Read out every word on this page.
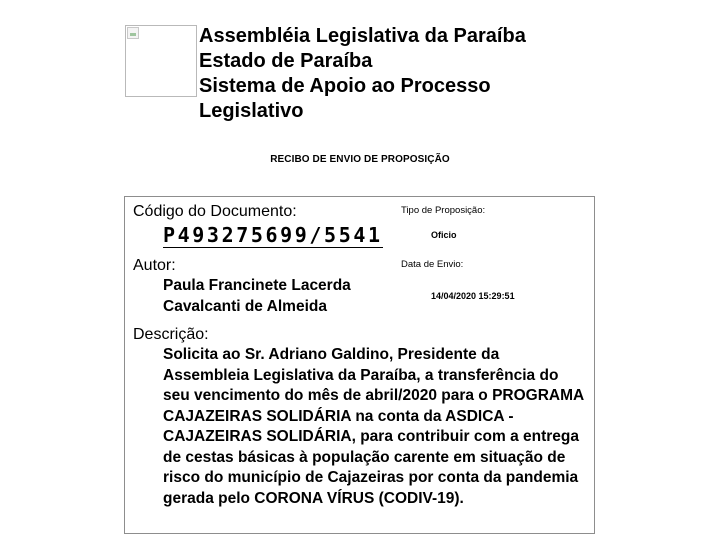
Assembléia Legislativa da Paraíba
Estado de Paraíba
Sistema de Apoio ao Processo
Legislativo
RECIBO DE ENVIO DE PROPOSIÇÃO
Código do Documento:
P493275699/5541
Tipo de Proposição:
Oficio
Autor:
Paula Francinete Lacerda Cavalcanti de Almeida
Data de Envio:
14/04/2020 15:29:51
Descrição:
Solicita ao Sr. Adriano Galdino, Presidente da Assembleia Legislativa da Paraíba, a transferência do seu vencimento do mês de abril/2020 para o PROGRAMA CAJAZEIRAS SOLIDÁRIA na conta da ASDICA - CAJAZEIRAS SOLIDÁRIA, para contribuir com a entrega de cestas básicas à população carente em situação de risco do município de Cajazeiras por conta da pandemia gerada pelo CORONA VÍRUS (CODIV-19).
